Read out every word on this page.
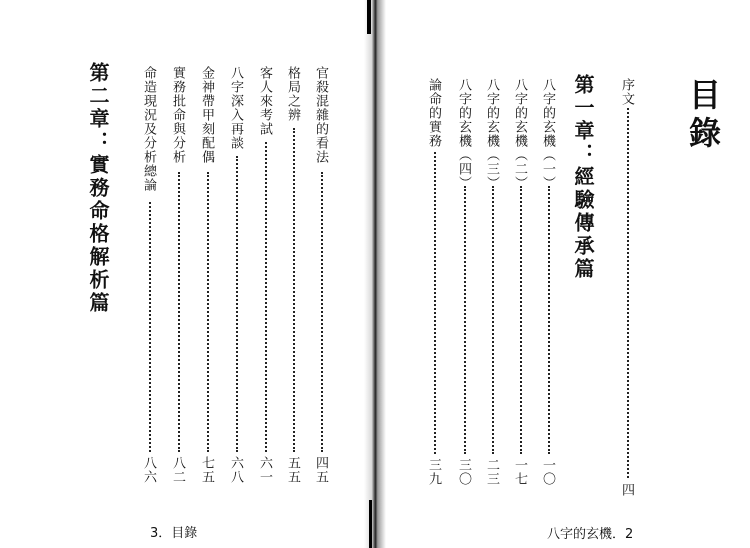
目錄
序文
四
第一章：經驗傳承篇
八字的玄機（一）
一〇
八字的玄機（二）
一七
八字的玄機（三）
二三
八字的玄機（四）
三〇
論命的實務
三九
八字的玄機．2
官殺混雜的看法
四五
格局之辨
五五
客人來考試
六一
八字深入再談
六八
金神帶甲刻配偶
七五
實務批命與分析
八二
命造現況及分析總論
八六
第二章：實務命格解析篇
3．目錄
